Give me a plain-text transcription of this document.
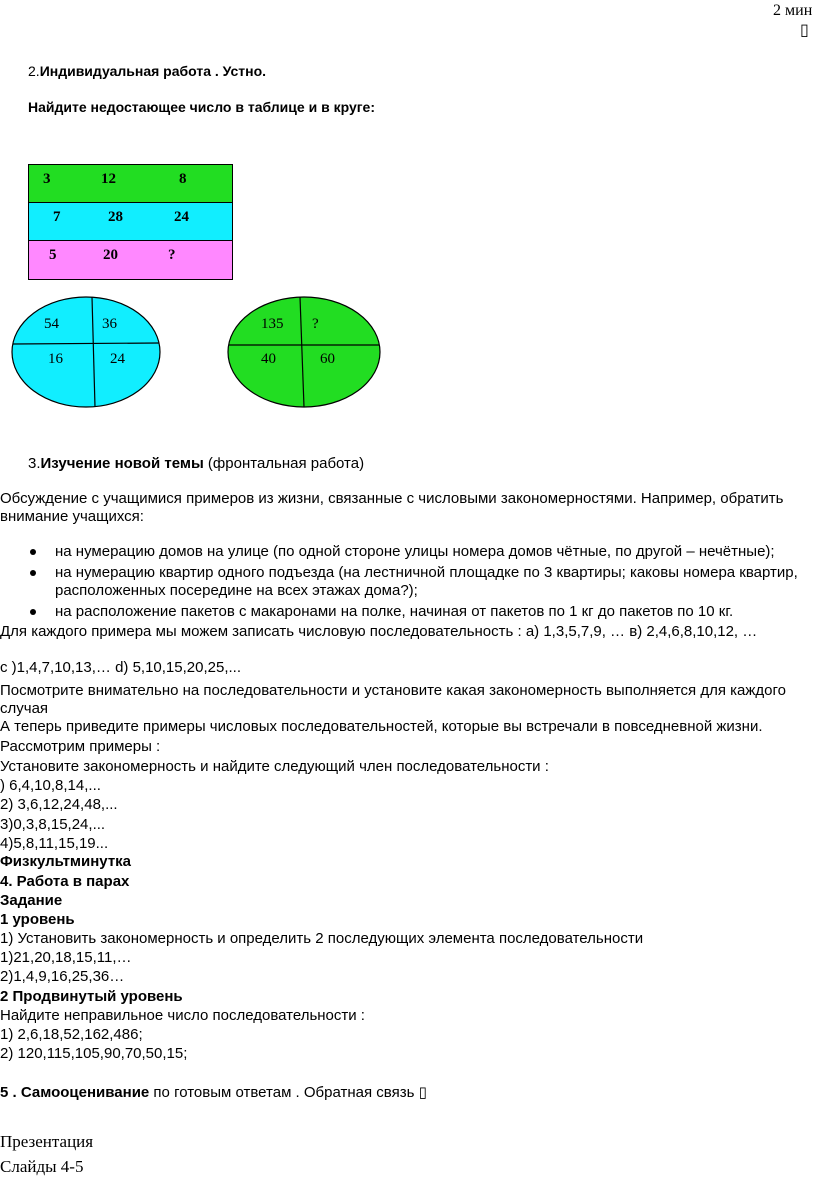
2 мин
▯
2.Индивидуальная работа . Устно.
Найдите недостающее число в таблице и в круге:
3	12	8
7	28	24
5	20	?
54	36
16	24
135 ?
40	60
3.Изучение новой темы (фронтальная работа)
Обсуждение с учащимися примеров из жизни, связанные с числовыми закономерностями. Например, обратить
внимание учащихся:
на нумерацию домов на улице (по одной стороне улицы номера домов чётные, по другой – нечётные);
на нумерацию квартир одного подъезда (на лестничной площадке по 3 квартиры; каковы номера квартир,
расположенных посередине на всех этажах дома?);
на расположение пакетов с макаронами на полке, начиная от пакетов по 1 кг до пакетов по 10 кг.
Для каждого примера мы можем записать числовую последовательность : а) 1,3,5,7,9, … в) 2,4,6,8,10,12, …
с )1,4,7,10,13,… d) 5,10,15,20,25,...
Посмотрите внимательно на последовательности и установите какая закономерность выполняется для каждого
случая
А теперь приведите примеры числовых последовательностей, которые вы встречали в повседневной жизни.
Рассмотрим примеры :
Установите закономерность и найдите следующий член последовательности :
) 6,4,10,8,14,...
2) 3,6,12,24,48,...
3)0,3,8,15,24,...
4)5,8,11,15,19...
Физкультминутка
4. Работа в парах
Задание
1 уровень
1) Установить закономерность и определить 2 последующих элемента последовательности
1)21,20,18,15,11,…
2)1,4,9,16,25,36…
2 Продвинутый уровень
Найдите неправильное число последовательности :
1) 2,6,18,52,162,486;
2) 120,115,105,90,70,50,15;
5 . Самооценивание по готовым ответам . Обратная связь ▯
Презентация
Слайды 4-5
